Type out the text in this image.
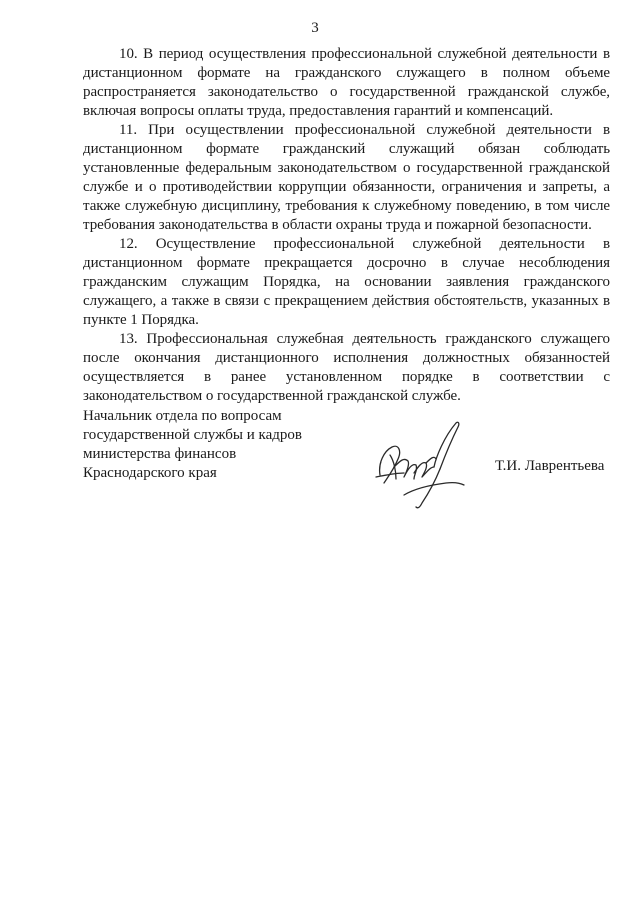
3

10. В период осуществления профессиональной служебной деятельности в дистанционном формате на гражданского служащего в полном объеме распространяется законодательство о государственной гражданской службе, включая вопросы оплаты труда, предоставления гарантий и компенсаций.

11. При осуществлении профессиональной служебной деятельности в дистанционном формате гражданский служащий обязан соблюдать установленные федеральным законодательством о государственной гражданской службе и о противодействии коррупции обязанности, ограничения и запреты, а также служебную дисциплину, требования к служебному поведению, в том числе требования законодательства в области охраны труда и пожарной безопасности.

12. Осуществление профессиональной служебной деятельности в дистанционном формате прекращается досрочно в случае несоблюдения гражданским служащим Порядка, на основании заявления гражданского служащего, а также в связи с прекращением действия обстоятельств, указанных в пункте 1 Порядка.

13. Профессиональная служебная деятельность гражданского служащего после окончания дистанционного исполнения должностных обязанностей осуществляется в ранее установленном порядке в соответствии с законодательством о государственной гражданской службе.

Начальник отдела по вопросам
государственной службы и кадров
министерства финансов
Краснодарского края	Т.И. Лаврентьева
